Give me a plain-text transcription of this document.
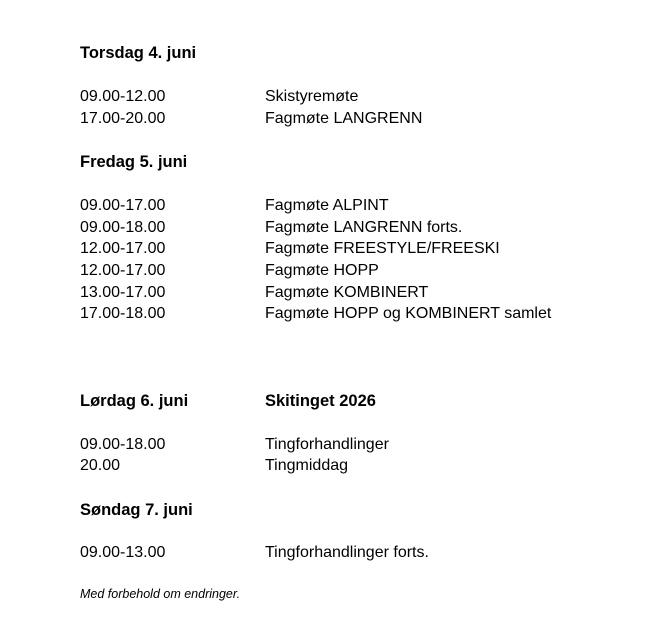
Torsdag 4. juni
09.00-12.00	Skistyremøte
17.00-20.00	Fagmøte LANGRENN
Fredag 5. juni
09.00-17.00	Fagmøte ALPINT
09.00-18.00	Fagmøte LANGRENN forts.
12.00-17.00	Fagmøte FREESTYLE/FREESKI
12.00-17.00	Fagmøte HOPP
13.00-17.00	Fagmøte KOMBINERT
17.00-18.00	Fagmøte HOPP og KOMBINERT samlet
Lørdag 6. juni	Skitinget 2026
09.00-18.00	Tingforhandlinger
20.00	Tingmiddag
Søndag 7. juni
09.00-13.00	Tingforhandlinger forts.
Med forbehold om endringer.
